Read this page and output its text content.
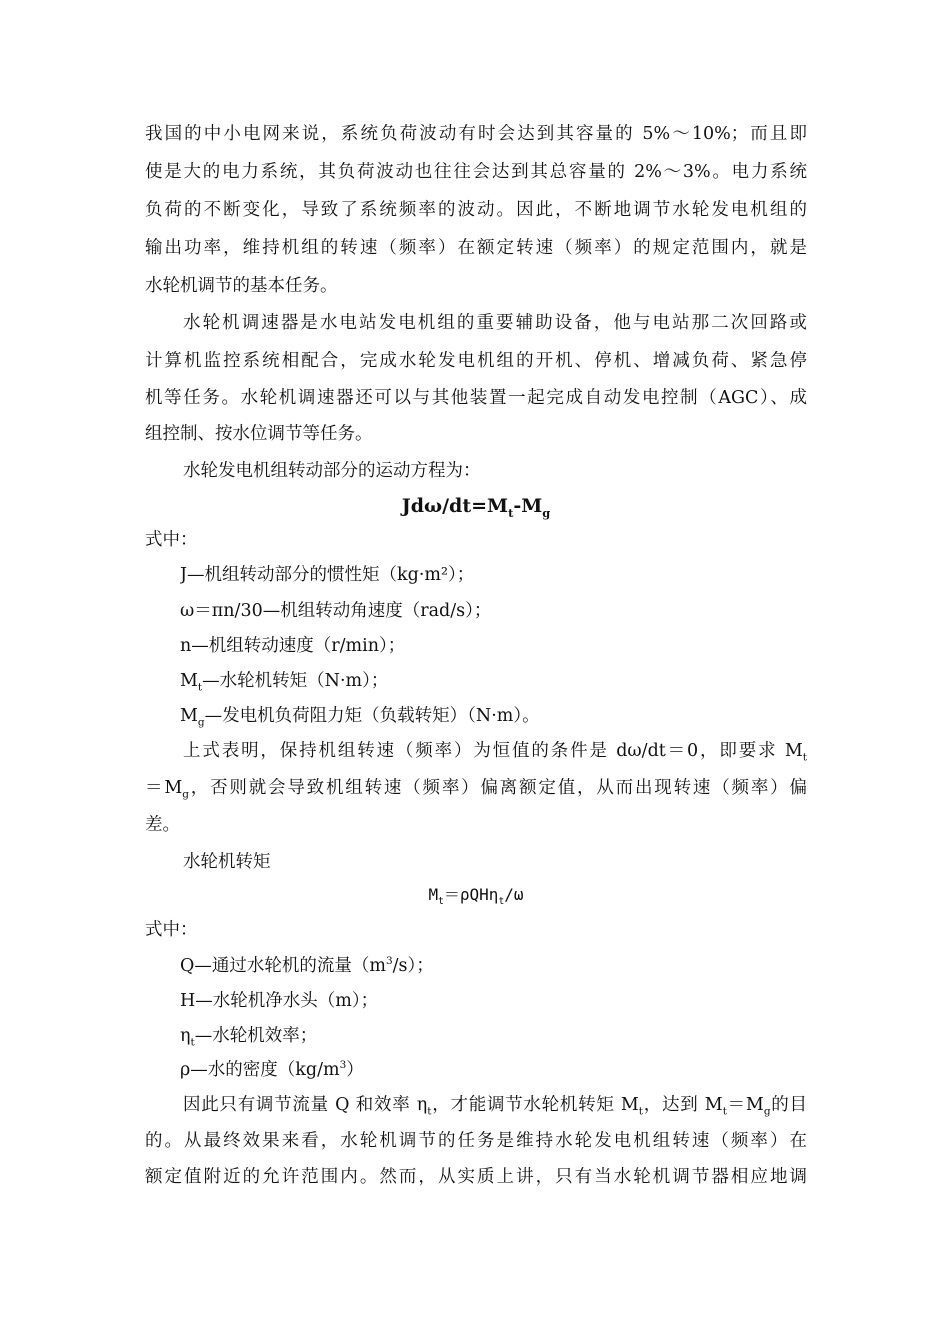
我国的中小电网来说，系统负荷波动有时会达到其容量的 5%～10%；而且即
使是大的电力系统，其负荷波动也往往会达到其总容量的 2%～3%。电力系统
负荷的不断变化，导致了系统频率的波动。因此，不断地调节水轮发电机组的
输出功率，维持机组的转速（频率）在额定转速（频率）的规定范围内，就是
水轮机调节的基本任务。
水轮机调速器是水电站发电机组的重要辅助设备，他与电站那二次回路或
计算机监控系统相配合，完成水轮发电机组的开机、停机、增减负荷、紧急停
机等任务。水轮机调速器还可以与其他装置一起完成自动发电控制（AGC）、成
组控制、按水位调节等任务。
水轮发电机组转动部分的运动方程为：
Jdω/$dt=M_t-M_g$
式中：
J—机组转动部分的惯性矩（kg·m²）；
ω＝πn/30—机组转动角速度（rad/s）；
n—机组转动速度（r/min）；
$M_t—$水轮机转矩（N·m）；
$M_g—$发电机负荷阻力矩（负载转矩）（N·m）。
上式表明，保持机组转速（频率）为恒值的条件是 dω/dt＝0，即要求 $M_t$
$=M_g$，否则就会导致机组转速（频率）偏离额定值，从而出现转速（频率）偏
差。
水轮机转矩
$M_t=\rho QH\eta_t/\omega$
式中：
Q—通过水轮机的流量$(m^3/s)$；
H—水轮机净水头（m）；
$\eta_t—$水轮机效率；
ρ—水的密度$(kg/m^3)$
因此只有调节流量 Q 和效率 $\eta_t$，才能调节水轮机转矩 $M_t$，达到 $M_t=M_g$的目
的。从最终效果来看，水轮机调节的任务是维持水轮发电机组转速（频率）在
额定值附近的允许范围内。然而，从实质上讲，只有当水轮机调节器相应地调
